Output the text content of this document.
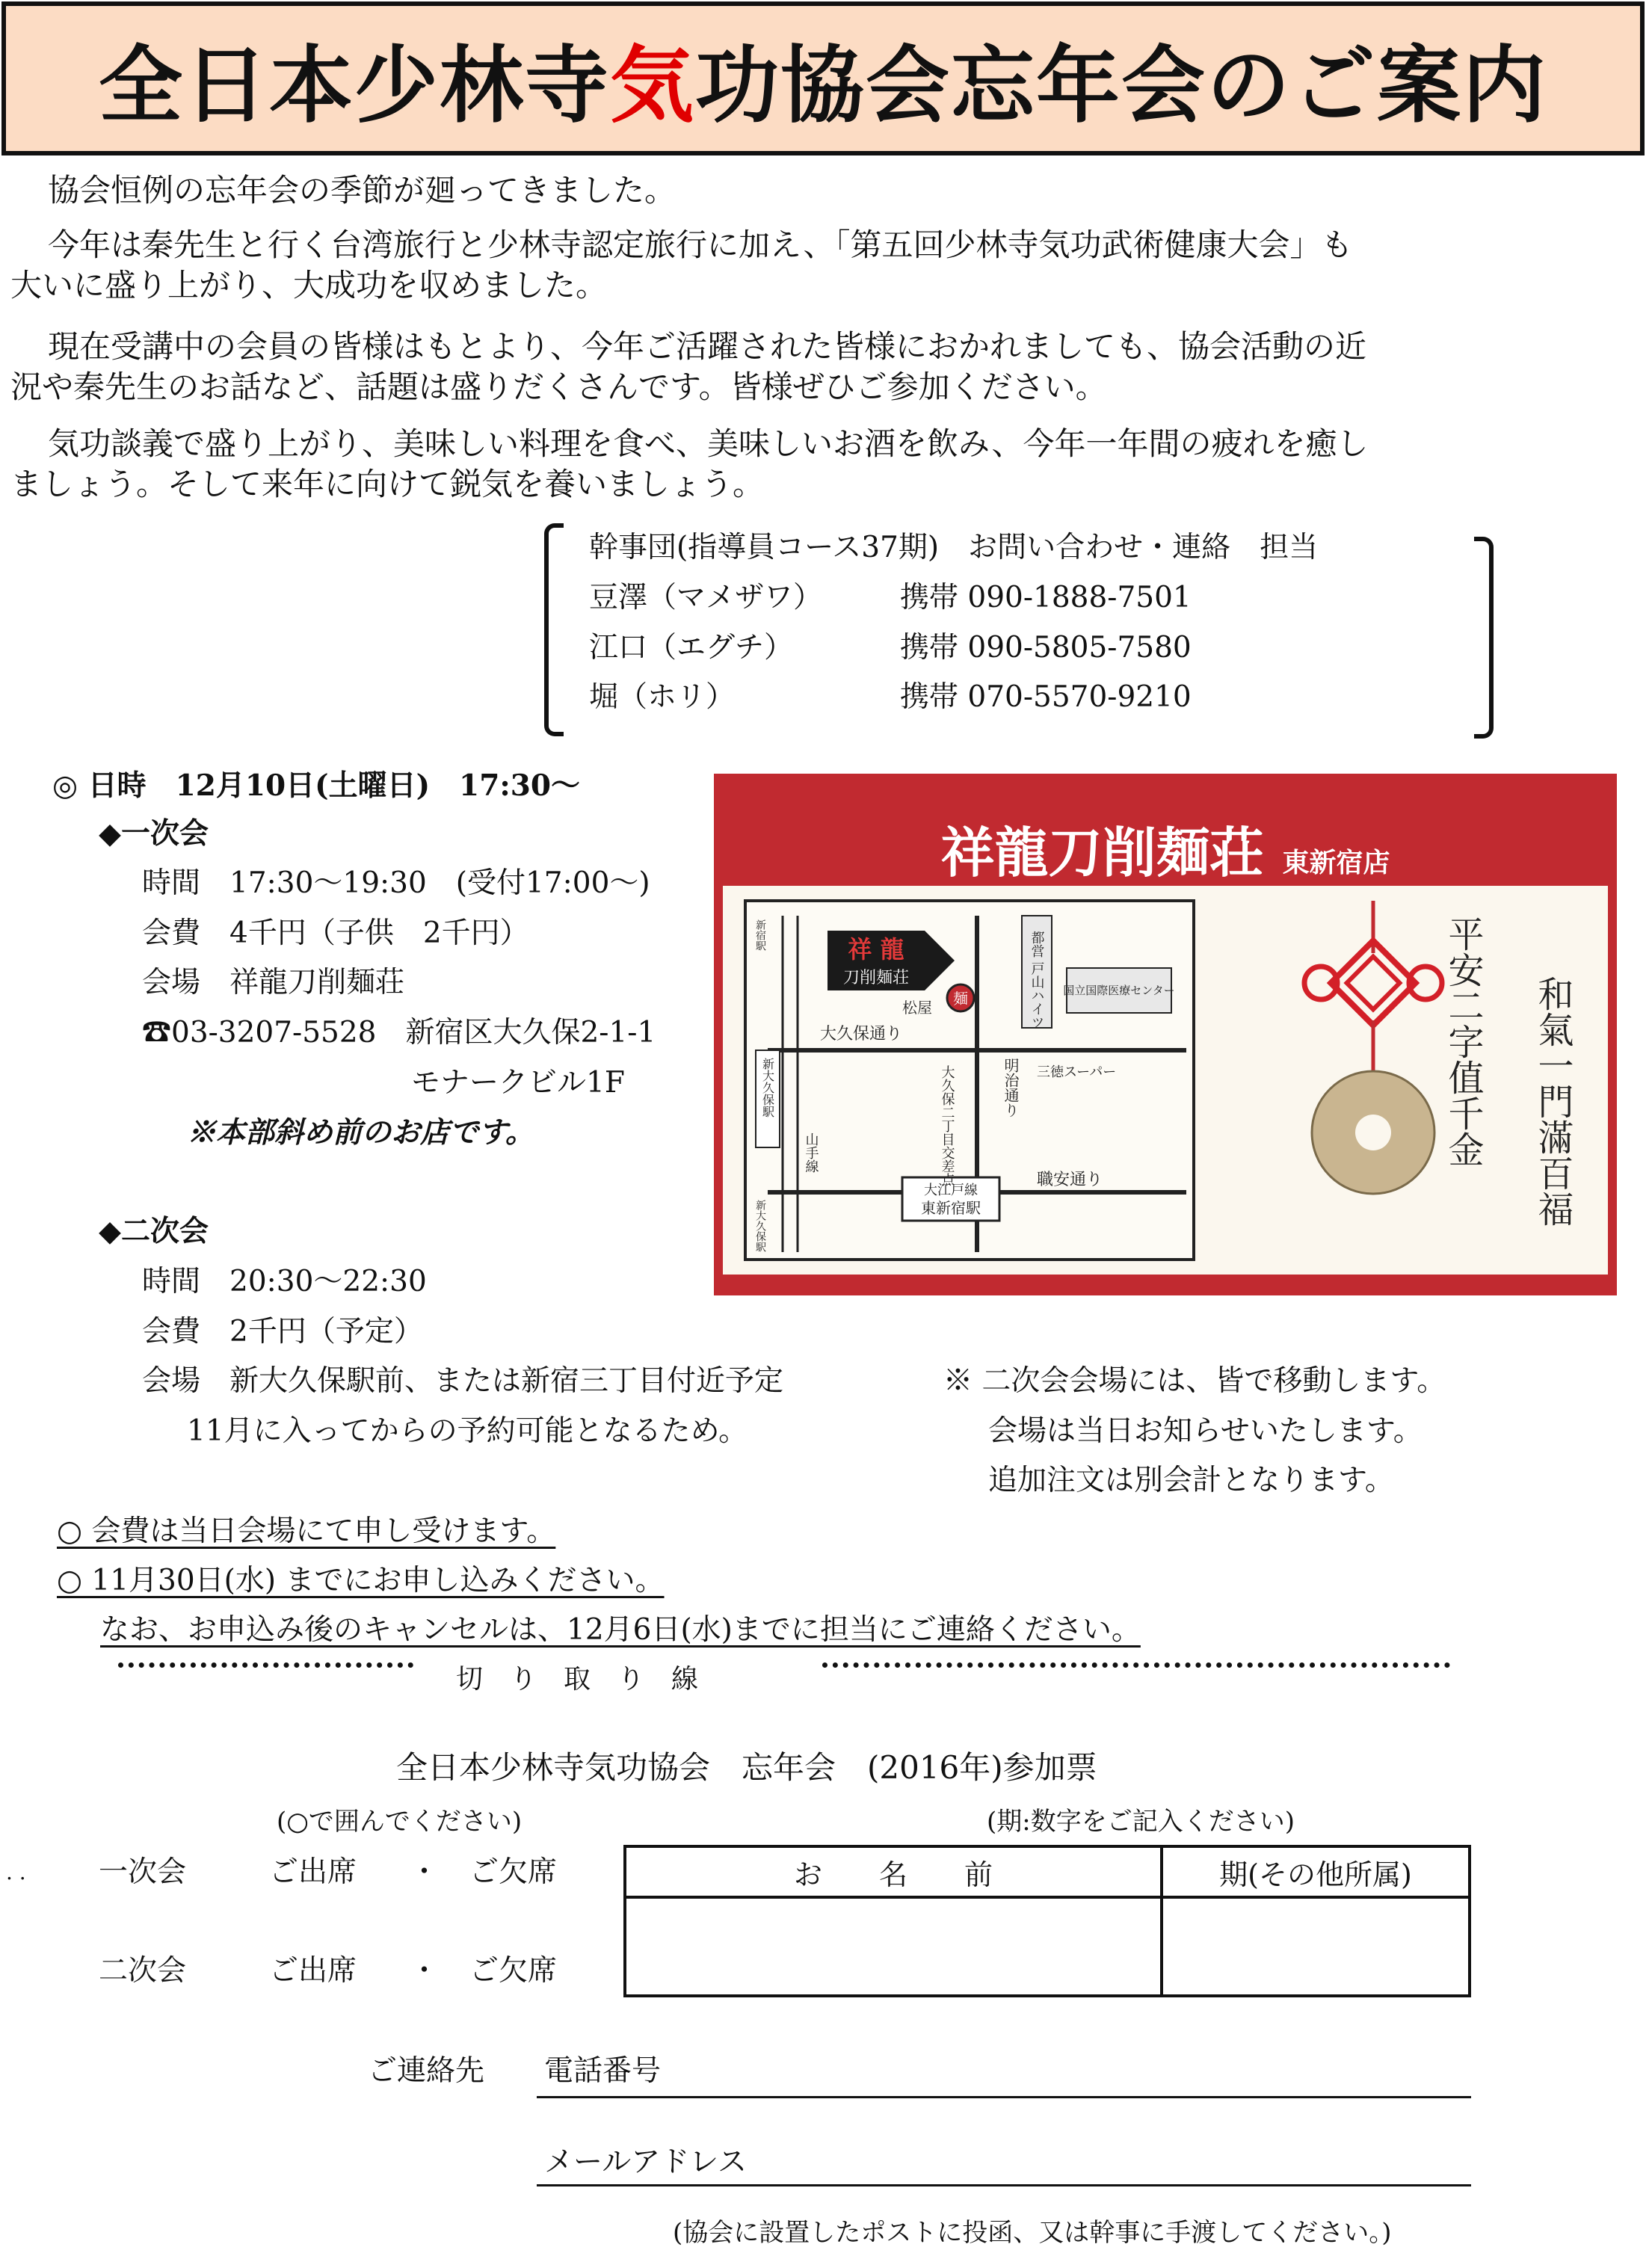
全日本少林寺気功協会忘年会のご案内
協会恒例の忘年会の季節が廻ってきました。
今年は秦先生と行く台湾旅行と少林寺認定旅行に加え、「第五回少林寺気功武術健康大会」も
大いに盛り上がり、大成功を収めました。
現在受講中の会員の皆様はもとより、今年ご活躍された皆様におかれましても、協会活動の近
況や秦先生のお話など、話題は盛りだくさんです。皆様ぜひご参加ください。
気功談義で盛り上がり、美味しい料理を食べ、美味しいお酒を飲み、今年一年間の疲れを癒し
ましょう。そして来年に向けて鋭気を養いましょう。
幹事団(指導員コース37期)　お問い合わせ・連絡　担当
豆澤（マメザワ）	携帯 090-1888-7501
江口（エグチ）	携帯 090-5805-7580
堀（ホリ）	携帯 070-5570-9210
◎ 日時　12月10日(土曜日)　17:30〜
◆一次会
時間　17:30〜19:30　(受付17:00〜)
会費　4千円（子供　2千円）
会場　祥龍刀削麺荘
☎03-3207-5528　新宿区大久保2-1-1
モナークビル1F
※本部斜め前のお店です。
◆二次会
時間　20:30〜22:30
会費　2千円（予定）
会場　新大久保駅前、または新宿三丁目付近予定
11月に入ってからの予約可能となるため。
※ 二次会会場には、皆で移動します。
会場は当日お知らせいたします。
追加注文は別会計となります。
祥龍刀削麺荘 東新宿店
祥 龍
刀削麺荘
麺
松屋
大久保通り
職安通り
大江戸線
東新宿駅
明治通り
大久保二丁目交差点	三徳スーパー
都営 戸山ハイツ 国立国際医療センター
新大久保駅
山手線
新宿駅
新大久保駅
平安二字值千金 和氣一門滿百福
○ 会費は当日会場にて申し受けます。
○ 11月30日(水) までにお申し込みください。
なお、お申込み後のキャンセルは、12月6日(水)までに担当にご連絡ください。
切　り　取　り　線
全日本少林寺気功協会　忘年会　(2016年)参加票
(○で囲んでください)	(期:数字をご記入ください)
. . 一次会	ご出席 ・ ご欠席
二次会	ご出席 ・ ご欠席
お　　名　　前	期(その他所属)

ご連絡先 電話番号
メールアドレス
(協会に設置したポストに投函、又は幹事に手渡してください。)
